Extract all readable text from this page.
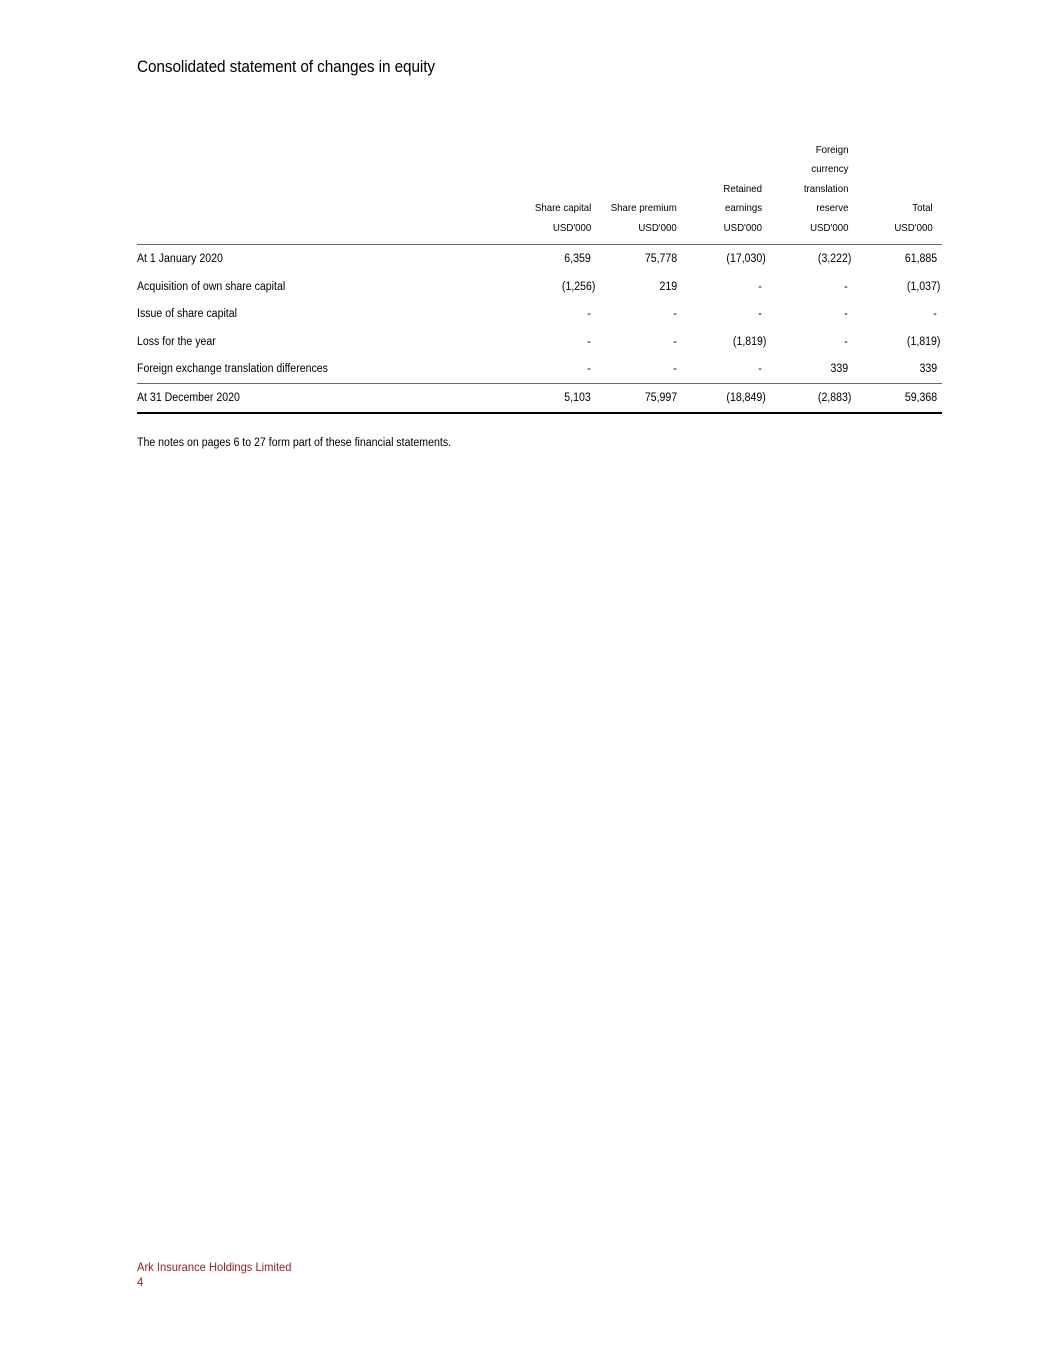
Consolidated statement of changes in equity
Share capital
USD'000
Share premium
USD'000
Retained
earnings
USD'000
Foreign
currency
translation
reserve
USD'000
Total
USD'000
At 1 January 2020	6,359	75,778	(17,030)	(3,222)	61,885
Acquisition of own share capital	(1,256)	219	-	-	(1,037)
Issue of share capital	-	-	-	-	-
Loss for the year	-	-	(1,819)	-	(1,819)
Foreign exchange translation differences	-	-	-	339	339
At 31 December 2020	5,103	75,997	(18,849)	(2,883)	59,368
The notes on pages 6 to 27 form part of these financial statements.
Ark Insurance Holdings Limited
4
